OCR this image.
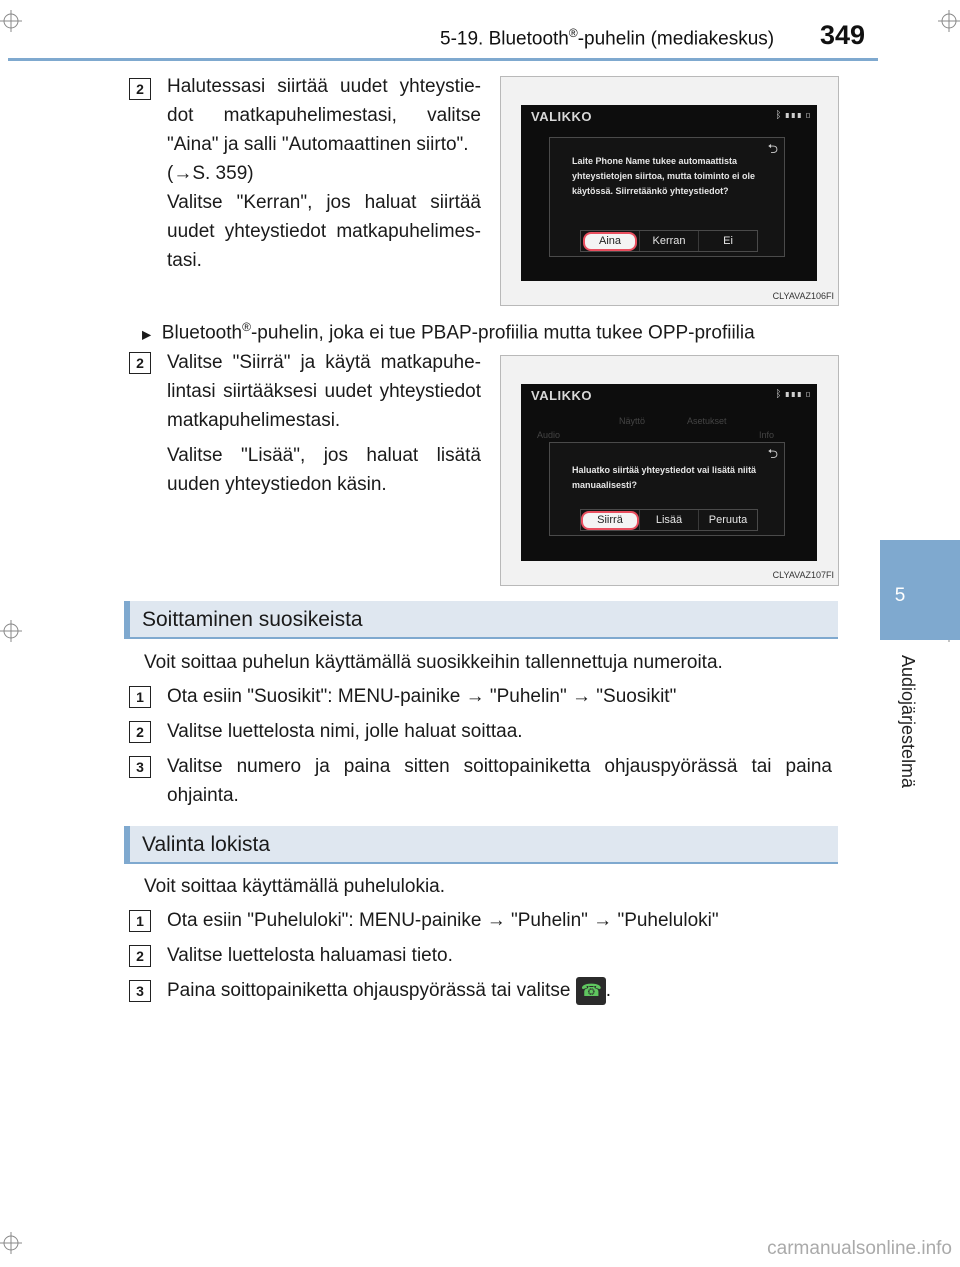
5-19. Bluetooth®-puhelin (mediakeskus) 349
5
Audiojärjestelmä
2	Halutessasi siirtää uudet yhteystie-dot matkapuhelimestasi, valitse "Aina" ja salli "Automaattinen siirto".
(→S. 359)
Valitse "Kerran", jos haluat siirtää uudet yhteystiedot matkapuhelimes-tasi.
VALIKKO	ᛒ ▮▮▮ ▯
⮌
Laite Phone Name tukee automaattista yhteystietojen siirtoa, mutta toiminto ei ole käytössä. Siirretäänkö yhteystiedot?
Aina	Kerran	Ei
CLYAVAZ106FI
▶ Bluetooth®-puhelin, joka ei tue PBAP-profiilia mutta tukee OPP-profiilia
2	Valitse "Siirrä" ja käytä matkapuhe-lintasi siirtääksesi uudet yhteystiedot matkapuhelimestasi.
Valitse "Lisää", jos haluat lisätä uuden yhteystiedon käsin.
VALIKKO	ᛒ ▮▮▮ ▯
Audio
Näyttö	Asetukset
Info
⮌
Haluatko siirtää yhteystiedot vai lisätä niitä manuaalisesti?
Siirrä	Lisää	Peruuta
CLYAVAZ107FI
Soittaminen suosikeista
Voit soittaa puhelun käyttämällä suosikkeihin tallennettuja numeroita.
1	Ota esiin "Suosikit": MENU-painike → "Puhelin" → "Suosikit"
2	Valitse luettelosta nimi, jolle haluat soittaa.
3	Valitse numero ja paina sitten soittopainiketta ohjauspyörässä tai paina ohjainta.
Valinta lokista
Voit soittaa käyttämällä puhelulokia.
1	Ota esiin "Puheluloki": MENU-painike → "Puhelin" → "Puheluloki"
2	Valitse luettelosta haluamasi tieto.
3	Paina soittopainiketta ohjauspyörässä tai valitse ☎ .
carmanualsonline.info
